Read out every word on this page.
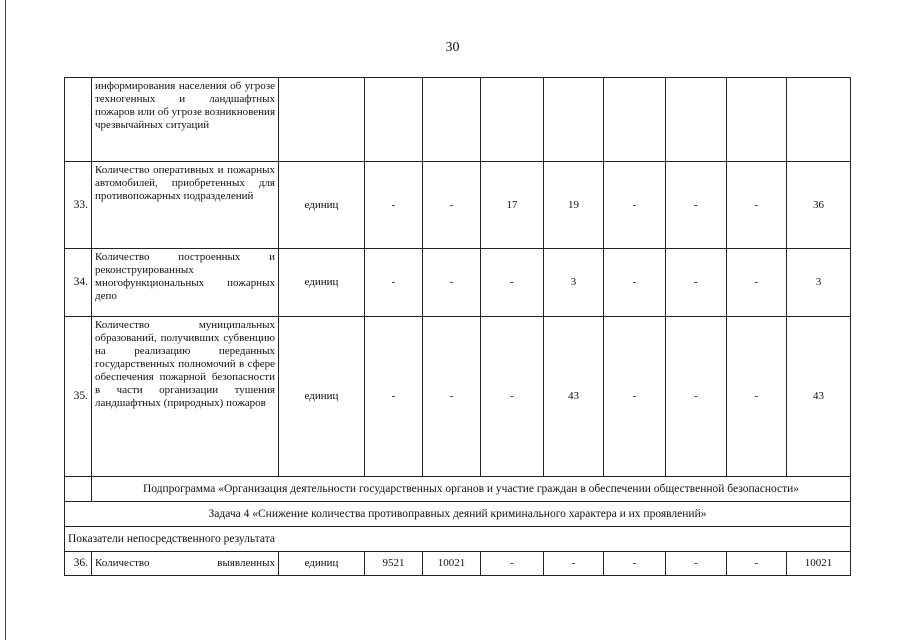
30
	информирования населения об угрозе техногенных и ландшафтных пожаров или об угрозе возникновения чрезвычайных ситуаций									
33.	Количество оперативных и пожарных автомобилей, приобретенных для противопожарных подразделений	единиц	-	-	17	19	-	-	-	36
34.	Количество построенных и реконструированных многофункциональных пожарных депо	единиц	-	-	-	3	-	-	-	3
35.	Количество муниципальных образований, получивших субвенцию на реализацию переданных государственных полномочий в сфере обеспечения пожарной безопасности в части организации тушения ландшафтных (природных) пожаров	единиц	-	-	-	43	-	-	-	43
	Подпрограмма «Организация деятельности государственных органов и участие граждан в обеспечении общественной безопасности»									
Задача 4 «Снижение количества противоправных деяний криминального характера и их проявлений»										
Показатели непосредственного результата										
36.	Количество выявленных	единиц	9521	10021	-	-	-	-	-	10021
